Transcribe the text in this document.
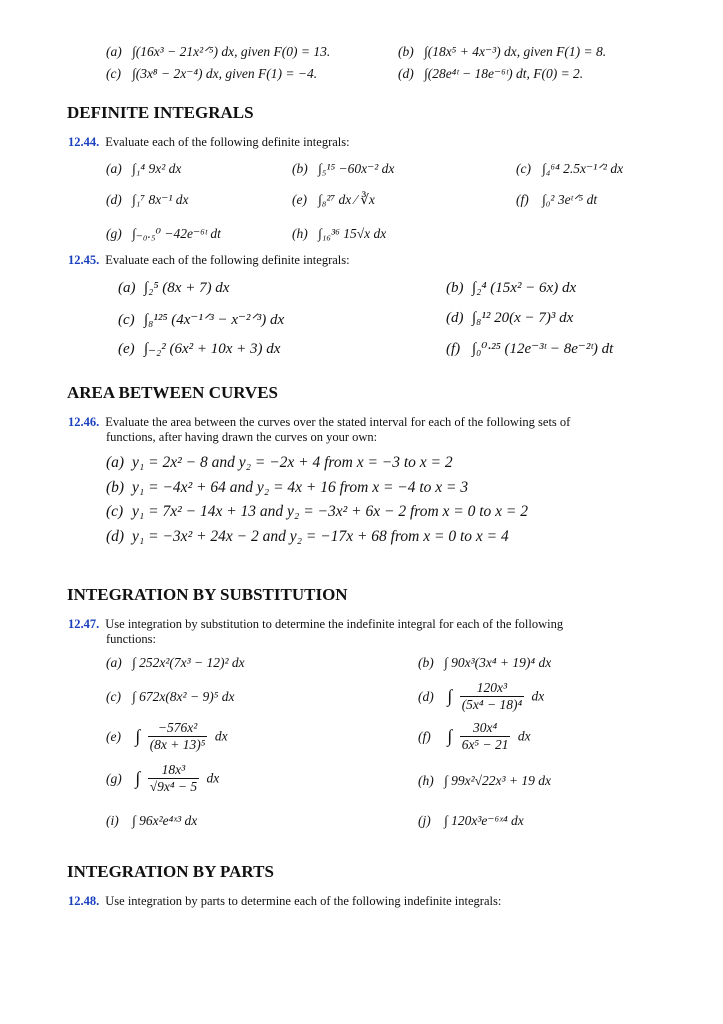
(a) ∫(16x³ − 21x²ᐟ⁵) dx, given F(0) = 13.	(b) ∫(18x⁵ + 4x⁻³) dx, given F(1) = 8.
(c) ∫(3x⁸ − 2x⁻⁴) dx, given F(1) = −4.	(d) ∫(28e⁴ᵗ − 18e⁻⁶ᵗ) dt, F(0) = 2.
DEFINITE INTEGRALS
12.44. Evaluate each of the following definite integrals:
(a) ∫₁⁴ 9x² dx	(b) ∫₅¹⁵ −60x⁻² dx	(c) ∫₄⁶⁴ 2.5x⁻¹ᐟ² dx
(d) ∫₁⁷ 8x⁻¹ dx	(e) ∫₈²⁷ dx ⁄ ∛x	(f) ∫₀² 3eᵗᐟ⁵ dt
(g) ∫₋₀.₅⁰ −42e⁻⁶ᵗ dt	(h) ∫₁₆³⁶ 15√x dx
12.45. Evaluate each of the following definite integrals:
(a) ∫₂⁵ (8x + 7) dx	(b) ∫₂⁴ (15x² − 6x) dx
(c) ∫₈¹²⁵ (4x⁻¹ᐟ³ − x⁻²ᐟ³) dx	(d) ∫₈¹² 20(x − 7)³ dx
(e) ∫₋₂² (6x² + 10x + 3) dx	(f) ∫₀⁰·²⁵ (12e⁻³ᵗ − 8e⁻²ᵗ) dt
AREA BETWEEN CURVES
12.46. Evaluate the area between the curves over the stated interval for each of the following sets of
functions, after having drawn the curves on your own:
(a) y₁ = 2x² − 8 and y₂ = −2x + 4 from x = −3 to x = 2
(b) y₁ = −4x² + 64 and y₂ = 4x + 16 from x = −4 to x = 3
(c) y₁ = 7x² − 14x + 13 and y₂ = −3x² + 6x − 2 from x = 0 to x = 2
(d) y₁ = −3x² + 24x − 2 and y₂ = −17x + 68 from x = 0 to x = 4
INTEGRATION BY SUBSTITUTION
12.47. Use integration by substitution to determine the indefinite integral for each of the following
functions:
(a) ∫ 252x²(7x³ − 12)² dx	(b) ∫ 90x³(3x⁴ + 19)⁴ dx
(c) ∫ 672x(8x² − 9)⁵ dx	(d) ∫ $\frac{\text{120x³}}{\text{(5x⁴ − 18)⁴}}$ dx
(e) ∫ $\frac{\text{−576x²}}{\text{(8x + 13)⁵}}$ dx	(f) ∫ $\frac{\text{30x⁴}}{\text{6x⁵ − 21}}$ dx
(g) ∫ $\frac{\text{18x³}}{\text{√9x⁴ − 5}}$ dx	(h) ∫ 99x²√22x³ + 19 dx
(i) ∫ 96x²e⁴ˣ³ dx	(j) ∫ 120x³e⁻⁶ˣ⁴ dx
INTEGRATION BY PARTS
12.48. Use integration by parts to determine each of the following indefinite integrals:
